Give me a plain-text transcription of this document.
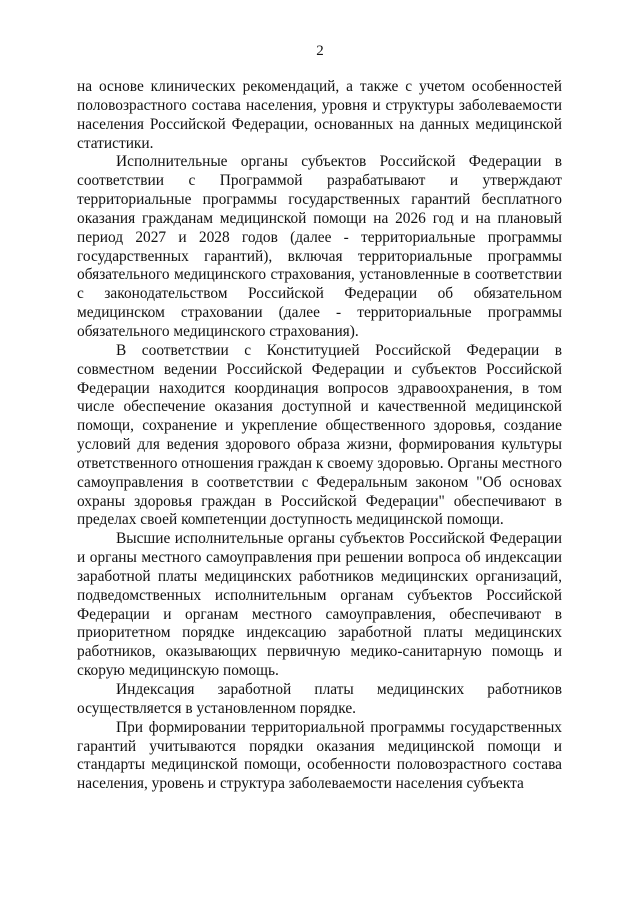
2

на основе клинических рекомендаций, а также с учетом особенностей половозрастного состава населения, уровня и структуры заболеваемости населения Российской Федерации, основанных на данных медицинской статистики.

Исполнительные органы субъектов Российской Федерации в соответствии с Программой разрабатывают и утверждают территориальные программы государственных гарантий бесплатного оказания гражданам медицинской помощи на 2026 год и на плановый период 2027 и 2028 годов (далее - территориальные программы государственных гарантий), включая территориальные программы обязательного медицинского страхования, установленные в соответствии с законодательством Российской Федерации об обязательном медицинском страховании (далее - территориальные программы обязательного медицинского страхования).

В соответствии с Конституцией Российской Федерации в совместном ведении Российской Федерации и субъектов Российской Федерации находится координация вопросов здравоохранения, в том числе обеспечение оказания доступной и качественной медицинской помощи, сохранение и укрепление общественного здоровья, создание условий для ведения здорового образа жизни, формирования культуры ответственного отношения граждан к своему здоровью. Органы местного самоуправления в соответствии с Федеральным законом "Об основах охраны здоровья граждан в Российской Федерации" обеспечивают в пределах своей компетенции доступность медицинской помощи.

Высшие исполнительные органы субъектов Российской Федерации и органы местного самоуправления при решении вопроса об индексации заработной платы медицинских работников медицинских организаций, подведомственных исполнительным органам субъектов Российской Федерации и органам местного самоуправления, обеспечивают в приоритетном порядке индексацию заработной платы медицинских работников, оказывающих первичную медико-санитарную помощь и скорую медицинскую помощь.

Индексация заработной платы медицинских работников осуществляется в установленном порядке.

При формировании территориальной программы государственных гарантий учитываются порядки оказания медицинской помощи и стандарты медицинской помощи, особенности половозрастного состава населения, уровень и структура заболеваемости населения субъекта
